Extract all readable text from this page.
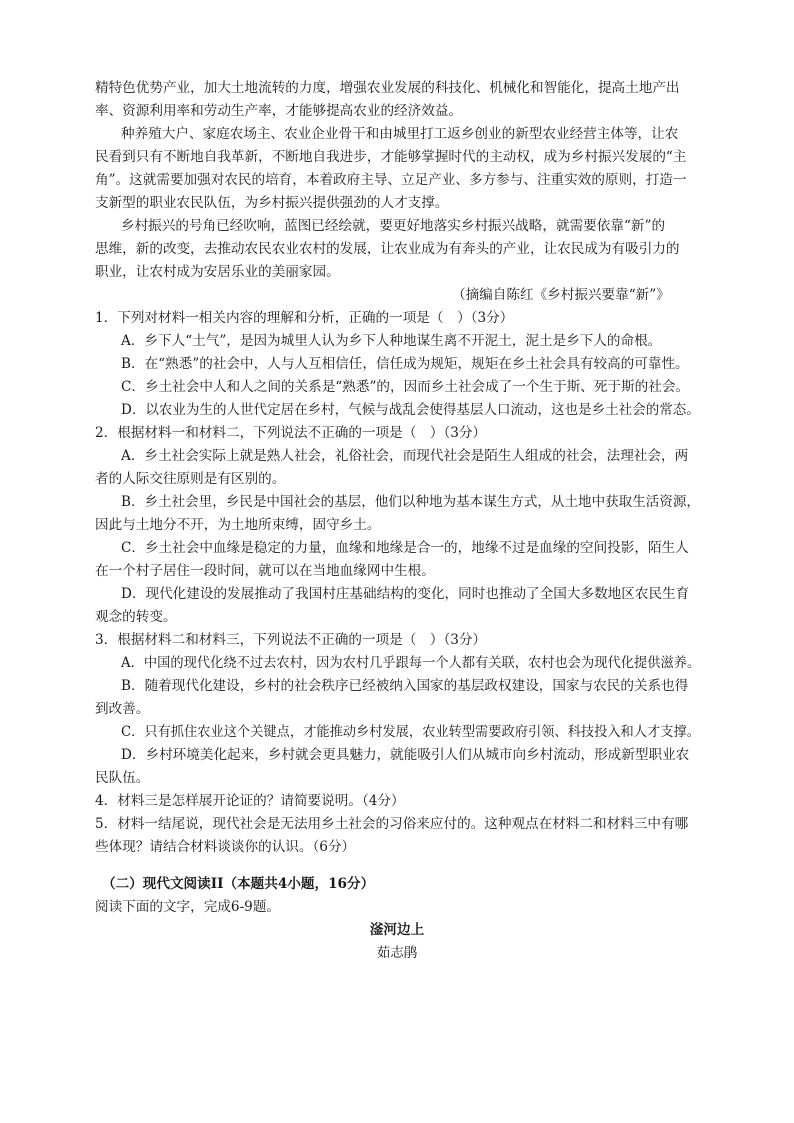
精特色优势产业，加大土地流转的力度，增强农业发展的科技化、机械化和智能化，提高土地产出
率、资源利用率和劳动生产率，才能够提高农业的经济效益。
种养殖大户、家庭农场主、农业企业骨干和由城里打工返乡创业的新型农业经营主体等，让农
民看到只有不断地自我革新，不断地自我进步，才能够掌握时代的主动权，成为乡村振兴发展的“主
角”。这就需要加强对农民的培育，本着政府主导、立足产业、多方参与、注重实效的原则，打造一
支新型的职业农民队伍，为乡村振兴提供强劲的人才支撑。
乡村振兴的号角已经吹响，蓝图已经绘就，要更好地落实乡村振兴战略，就需要依靠“新”的
思维，新的改变，去推动农民农业农村的发展，让农业成为有奔头的产业，让农民成为有吸引力的
职业，让农村成为安居乐业的美丽家园。
（摘编自陈红《乡村振兴要靠“新”》
1．下列对材料一相关内容的理解和分析，正确的一项是（　）（3分）
A．乡下人“土气”，是因为城里人认为乡下人种地谋生离不开泥土，泥土是乡下人的命根。
B．在“熟悉”的社会中，人与人互相信任，信任成为规矩，规矩在乡土社会具有较高的可靠性。
C．乡土社会中人和人之间的关系是“熟悉”的，因而乡土社会成了一个生于斯、死于斯的社会。
D．以农业为生的人世代定居在乡村，气候与战乱会使得基层人口流动，这也是乡土社会的常态。
2．根据材料一和材料二，下列说法不正确的一项是（　）（3分）
A．乡土社会实际上就是熟人社会，礼俗社会，而现代社会是陌生人组成的社会，法理社会，两
者的人际交往原则是有区别的。
B．乡土社会里，乡民是中国社会的基层，他们以种地为基本谋生方式，从土地中获取生活资源，
因此与土地分不开，为土地所束缚，固守乡土。
C．乡土社会中血缘是稳定的力量，血缘和地缘是合一的，地缘不过是血缘的空间投影，陌生人
在一个村子居住一段时间，就可以在当地血缘网中生根。
D．现代化建设的发展推动了我国村庄基础结构的变化，同时也推动了全国大多数地区农民生育
观念的转变。
3．根据材料二和材料三，下列说法不正确的一项是（　）（3分）
A．中国的现代化绕不过去农村，因为农村几乎跟每一个人都有关联，农村也会为现代化提供滋养。
B．随着现代化建设，乡村的社会秩序已经被纳入国家的基层政权建设，国家与农民的关系也得
到改善。
C．只有抓住农业这个关键点，才能推动乡村发展，农业转型需要政府引领、科技投入和人才支撑。
D．乡村环境美化起来，乡村就会更具魅力，就能吸引人们从城市向乡村流动，形成新型职业农
民队伍。
4．材料三是怎样展开论证的？请简要说明。（4分）
5．材料一结尾说，现代社会是无法用乡土社会的习俗来应付的。这种观点在材料二和材料三中有哪
些体现？请结合材料谈谈你的认识。（6分）
（二）现代文阅读II（本题共4小题，16分）
阅读下面的文字，完成6-9题。
滏河边上
茹志鹃
